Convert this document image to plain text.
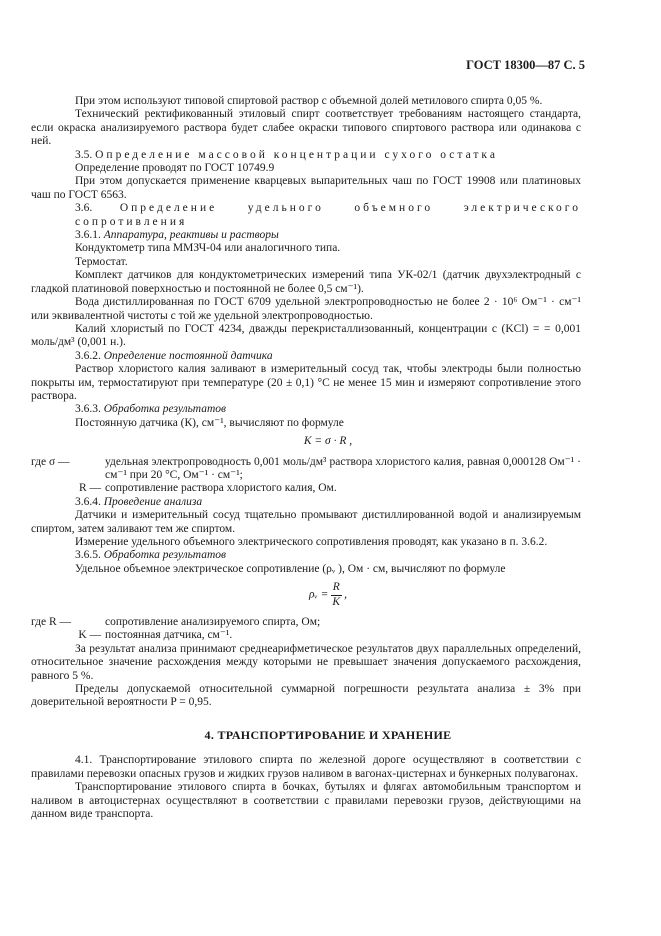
ГОСТ 18300—87 С. 5

При этом используют типовой спиртовой раствор с объемной долей метилового спирта 0,05 %.

Технический ректификованный этиловый спирт соответствует требованиям настоящего стандарта, если окраска анализируемого раствора будет слабее окраски типового спиртового раствора или одинакова с ней.

3.5. Определение массовой концентрации сухого остатка

Определение проводят по ГОСТ 10749.9

При этом допускается применение кварцевых выпарительных чаш по ГОСТ 19908 или платиновых чаш по ГОСТ 6563.

3.6. Определение удельного объемного электрического сопротивления

3.6.1. Аппаратура, реактивы и растворы

Кондуктометр типа ММЗЧ-04 или аналогичного типа.

Термостат.

Комплект датчиков для кондуктометрических измерений типа УК-02/1 (датчик двухэлектродный с гладкой платиновой поверхностью и постоянной не более 0,5 см⁻¹).

Вода дистиллированная по ГОСТ 6709 удельной электропроводностью не более 2 · 10⁶ Ом⁻¹ · см⁻¹ или эквивалентной чистоты с той же удельной электропроводностью.

Калий хлористый по ГОСТ 4234, дважды перекристаллизованный, концентрации c (KCl) = = 0,001 моль/дм³ (0,001 н.).

3.6.2. Определение постоянной датчика

Раствор хлористого калия заливают в измерительный сосуд так, чтобы электроды были полностью покрыты им, термостатируют при температуре (20 ± 0,1) °С не менее 15 мин и измеряют сопротивление этого раствора.

3.6.3. Обработка результатов

Постоянную датчика (К), см⁻¹, вычисляют по формуле

K = σ · R ,

где σ —	удельная электропроводность 0,001 моль/дм³ раствора хлористого калия, равная 0,000128 Ом⁻¹ · см⁻¹ при 20 °С, Ом⁻¹ · см⁻¹;
R — сопротивление раствора хлористого калия, Ом.

3.6.4. Проведение анализа

Датчики и измерительный сосуд тщательно промывают дистиллированной водой и анализируемым спиртом, затем заливают тем же спиртом.

Измерение удельного объемного электрического сопротивления проводят, как указано в п. 3.6.2.

3.6.5. Обработка результатов

Удельное объемное электрическое сопротивление (ρᵥ ), Ом · см, вычисляют по формуле

ρᵥ = $\frac{R}{K}$ ,

где R —	сопротивление анализируемого спирта, Ом;
K — постоянная датчика, см⁻¹.

За результат анализа принимают среднеарифметическое результатов двух параллельных определений, относительное значение расхождения между которыми не превышает значения допускаемого расхождения, равного 5 %.

Пределы допускаемой относительной суммарной погрешности результата анализа ± 3% при доверительной вероятности P = 0,95.

4. ТРАНСПОРТИРОВАНИЕ И ХРАНЕНИЕ

4.1. Транспортирование этилового спирта по железной дороге осуществляют в соответствии с правилами перевозки опасных грузов и жидких грузов наливом в вагонах-цистернах и бункерных полувагонах.

Транспортирование этилового спирта в бочках, бутылях и флягах автомобильным транспортом и наливом в автоцистернах осуществляют в соответствии с правилами перевозки грузов, действующими на данном виде транспорта.
